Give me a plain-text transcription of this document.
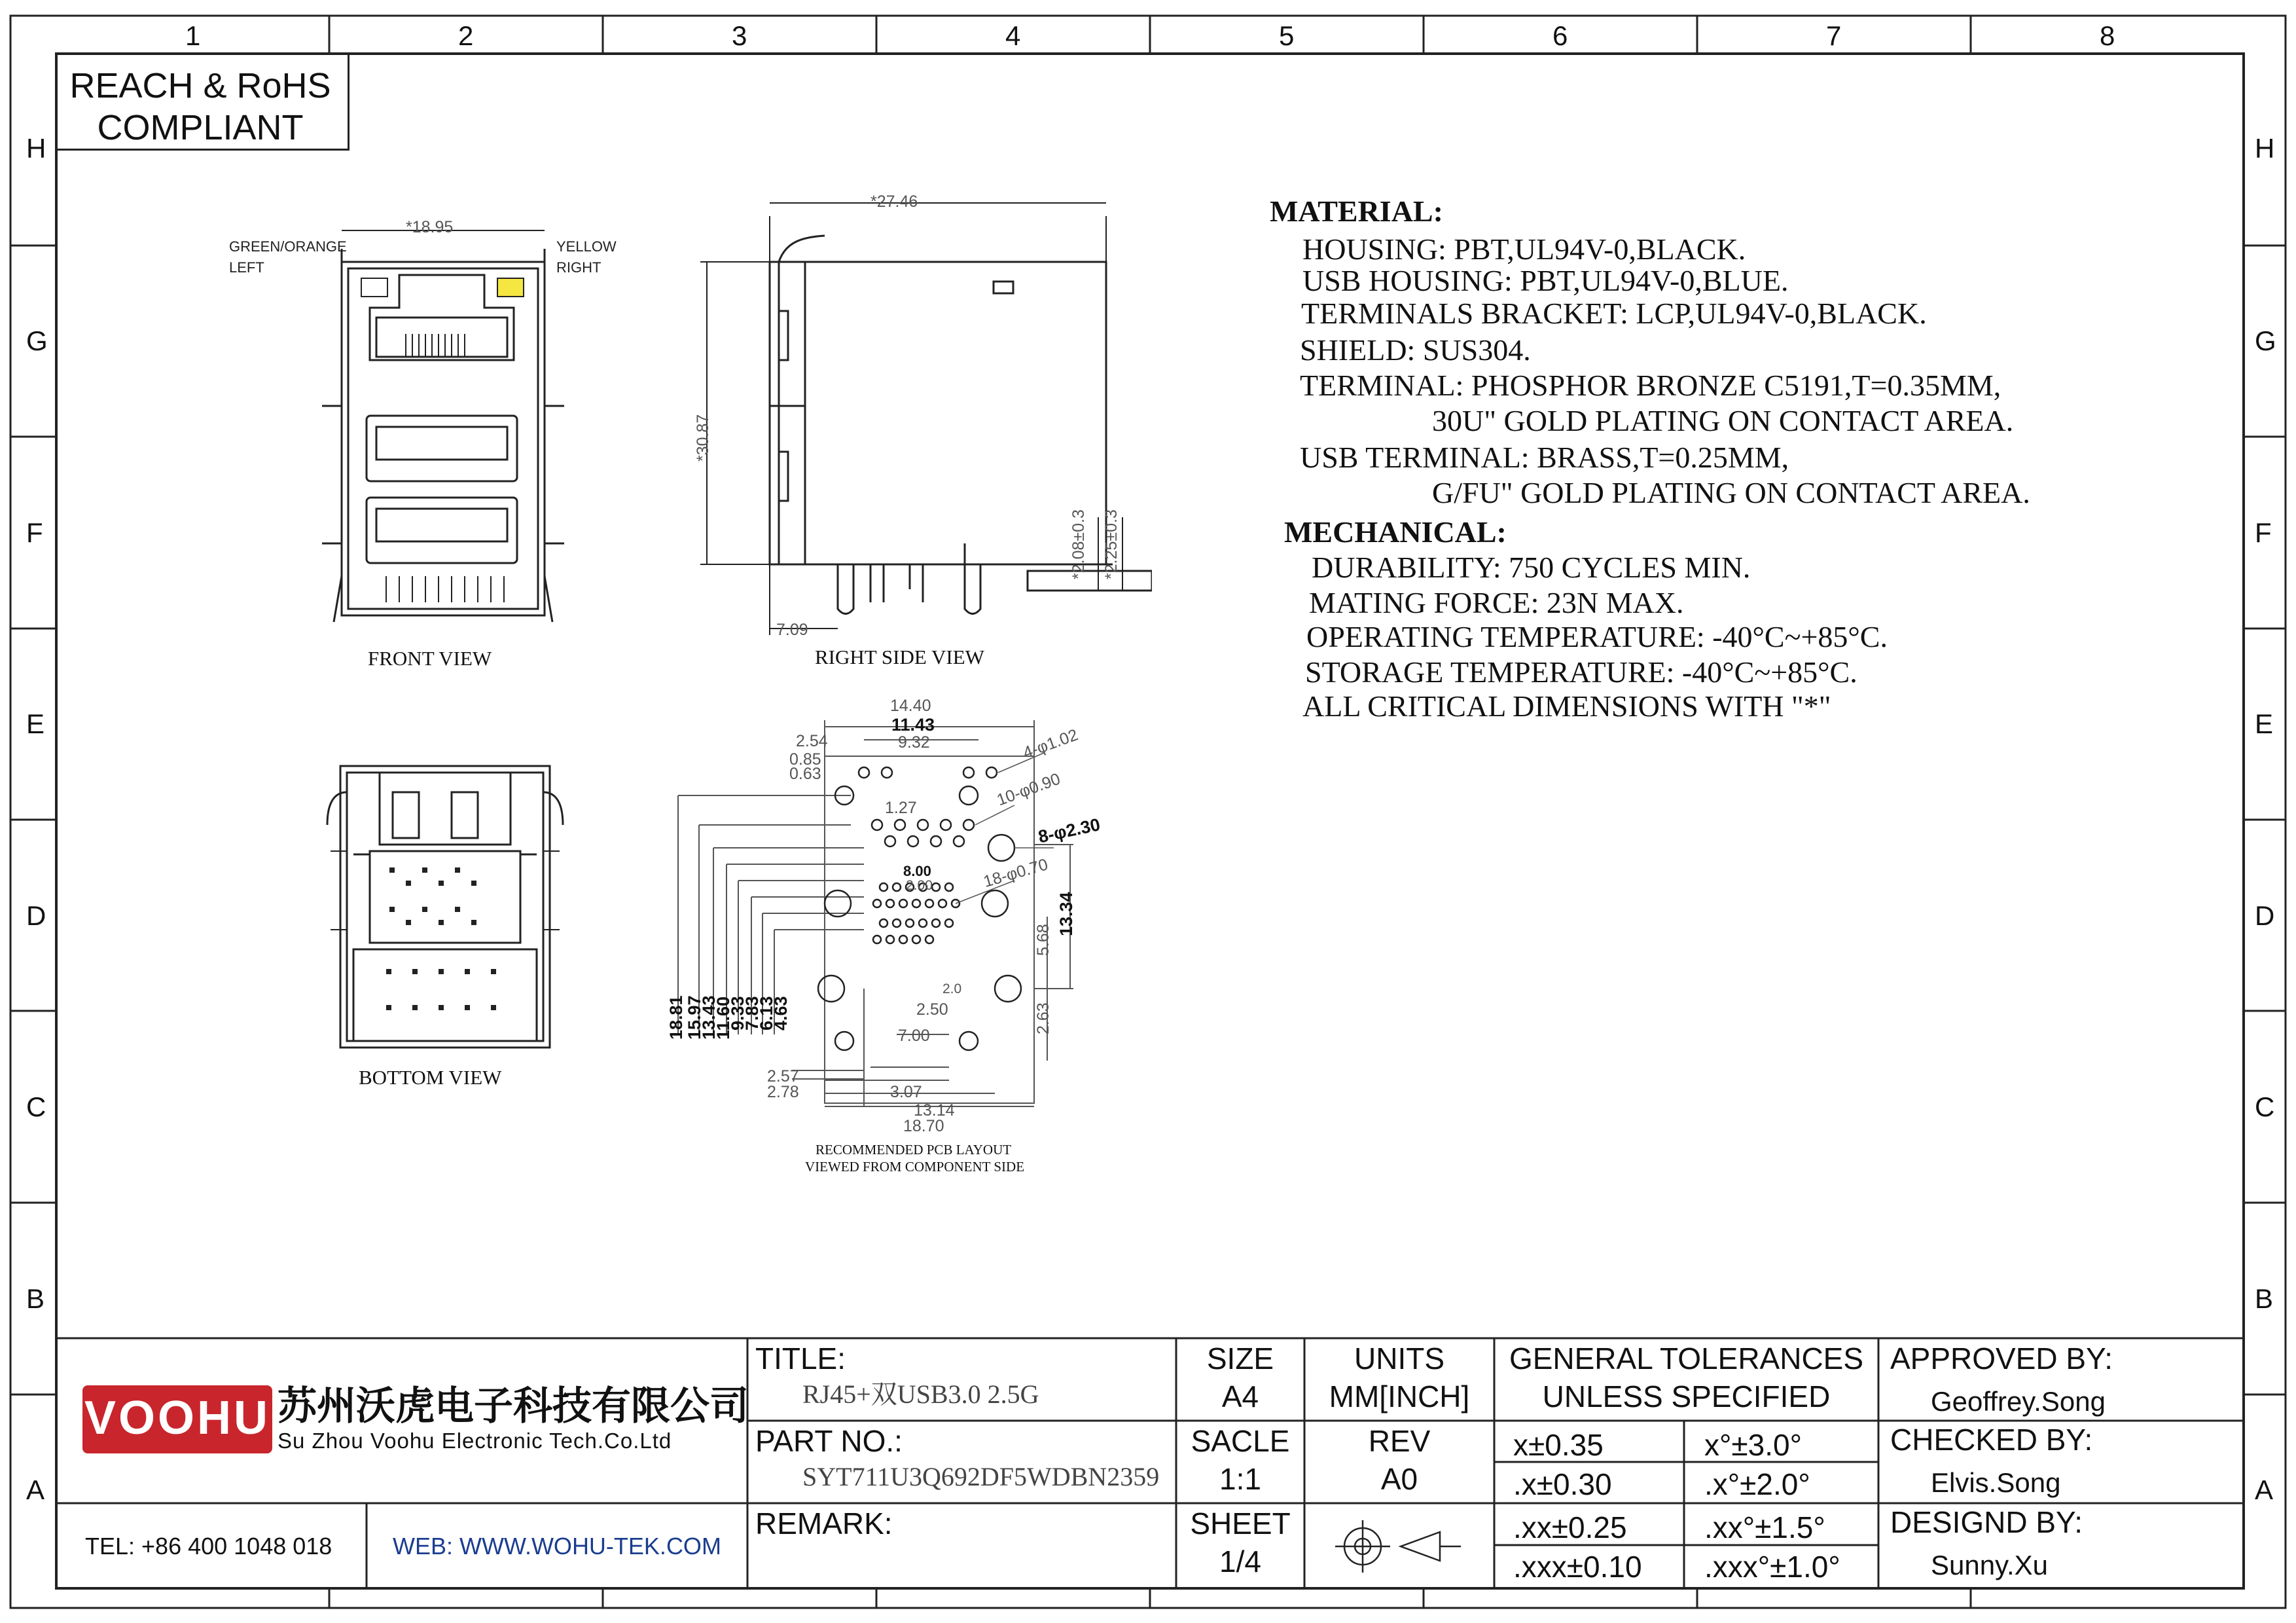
1	2	3	4	5	6	7	8
H
G
F
E
D
C
B
A
H
G
F
E
D
C
B
A
REACH & RoHS
COMPLIANT
*18.95
GREEN/ORANGE
LEFT
YELLOW
RIGHT
FRONT VIEW
*27.46
*30.87
7.09
*2.08±0.3 *2.25±0.3
RIGHT SIDE VIEW
BOTTOM VIEW
14.40
11.43
2.54	9.32
0.85
0.63
1.27
4-φ1.02
10-φ0.90
8-φ2.30
18-φ0.70
8.00
2.00
18.81
15.97
13.43
11.60
9.33
7.83
6.13
4.63
13.34
5.68
2.63
2.0
2.50
7.00
2.57
2.78	3.07
13.14
18.70
RECOMMENDED PCB LAYOUT
VIEWED FROM COMPONENT SIDE
MATERIAL:
HOUSING: PBT,UL94V-0,BLACK.
USB HOUSING: PBT,UL94V-0,BLUE.
TERMINALS BRACKET: LCP,UL94V-0,BLACK.
SHIELD: SUS304.
TERMINAL: PHOSPHOR BRONZE C5191,T=0.35MM,
30U" GOLD PLATING ON CONTACT AREA.
USB TERMINAL: BRASS,T=0.25MM,
G/FU" GOLD PLATING ON CONTACT AREA.
MECHANICAL:
DURABILITY: 750 CYCLES MIN.
MATING FORCE: 23N MAX.
OPERATING TEMPERATURE: -40°C~+85°C.
STORAGE TEMPERATURE: -40°C~+85°C.
ALL CRITICAL DIMENSIONS WITH "*"
VOOHU 苏州沃虎电子科技有限公司
Su Zhou Voohu Electronic Tech.Co.Ltd
TEL: +86 400 1048 018	WEB: WWW.WOHU-TEK.COM
TITLE:
RJ45+双USB3.0 2.5G
PART NO.:
SYT711U3Q692DF5WDBN2359
REMARK:
SIZE
A4
UNITS
MM[INCH]
SACLE
1:1
REV
A0
SHEET
1/4
GENERAL TOLERANCES
UNLESS SPECIFIED
x±0.35	x°±3.0°
.x±0.30	.x°±2.0°
.xx±0.25	.xx°±1.5°
.xxx±0.10 .xxx°±1.0°
APPROVED BY:
Geoffrey.Song
CHECKED BY:
Elvis.Song
DESIGND BY:
Sunny.Xu
